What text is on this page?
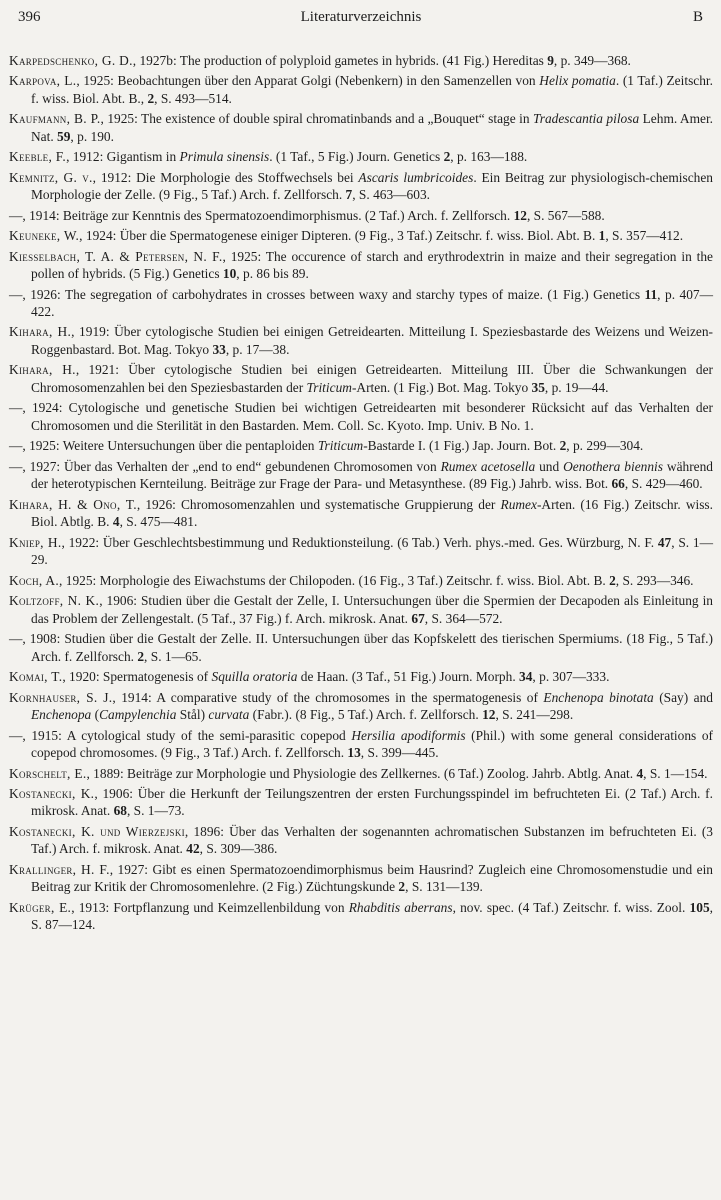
396	Literaturverzeichnis	B
Karpedschenko, G. D., 1927b: The production of polyploid gametes in hybrids. (41 Fig.) Hereditas 9, p. 349—368.
Karpova, L., 1925: Beobachtungen über den Apparat Golgi (Nebenkern) in den Samenzellen von Helix pomatia. (1 Taf.) Zeitschr. f. wiss. Biol. Abt. B., 2, S. 493—514.
Kaufmann, B. P., 1925: The existence of double spiral chromatinbands and a „Bouquet“ stage in Tradescantia pilosa Lehm. Amer. Nat. 59, p. 190.
Keeble, F., 1912: Gigantism in Primula sinensis. (1 Taf., 5 Fig.) Journ. Genetics 2, p. 163—188.
Kemnitz, G. v., 1912: Die Morphologie des Stoffwechsels bei Ascaris lumbricoides. Ein Beitrag zur physiologisch-chemischen Morphologie der Zelle. (9 Fig., 5 Taf.) Arch. f. Zellforsch. 7, S. 463—603.
—, 1914: Beiträge zur Kenntnis des Spermatozoendimorphismus. (2 Taf.) Arch. f. Zellforsch. 12, S. 567—588.
Keuneke, W., 1924: Über die Spermatogenese einiger Dipteren. (9 Fig., 3 Taf.) Zeitschr. f. wiss. Biol. Abt. B. 1, S. 357—412.
Kiesselbach, T. A. & Petersen, N. F., 1925: The occurence of starch and erythrodextrin in maize and their segregation in the pollen of hybrids. (5 Fig.) Genetics 10, p. 86 bis 89.
—, 1926: The segregation of carbohydrates in crosses between waxy and starchy types of maize. (1 Fig.) Genetics 11, p. 407—422.
Kihara, H., 1919: Über cytologische Studien bei einigen Getreidearten. Mitteilung I. Speziesbastarde des Weizens und Weizen-Roggenbastard. Bot. Mag. Tokyo 33, p. 17—38.
Kihara, H., 1921: Über cytologische Studien bei einigen Getreidearten. Mitteilung III. Über die Schwankungen der Chromosomenzahlen bei den Speziesbastarden der Triticum-Arten. (1 Fig.) Bot. Mag. Tokyo 35, p. 19—44.
—, 1924: Cytologische und genetische Studien bei wichtigen Getreidearten mit besonderer Rücksicht auf das Verhalten der Chromosomen und die Sterilität in den Bastarden. Mem. Coll. Sc. Kyoto. Imp. Univ. B No. 1.
—, 1925: Weitere Untersuchungen über die pentaploiden Triticum-Bastarde I. (1 Fig.) Jap. Journ. Bot. 2, p. 299—304.
—, 1927: Über das Verhalten der „end to end“ gebundenen Chromosomen von Rumex acetosella und Oenothera biennis während der heterotypischen Kernteilung. Beiträge zur Frage der Para- und Metasynthese. (89 Fig.) Jahrb. wiss. Bot. 66, S. 429—460.
Kihara, H. & Ono, T., 1926: Chromosomenzahlen und systematische Gruppierung der Rumex-Arten. (16 Fig.) Zeitschr. wiss. Biol. Abtlg. B. 4, S. 475—481.
Kniep, H., 1922: Über Geschlechtsbestimmung und Reduktionsteilung. (6 Tab.) Verh. phys.-med. Ges. Würzburg, N. F. 47, S. 1—29.
Koch, A., 1925: Morphologie des Eiwachstums der Chilopoden. (16 Fig., 3 Taf.) Zeitschr. f. wiss. Biol. Abt. B. 2, S. 293—346.
Koltzoff, N. K., 1906: Studien über die Gestalt der Zelle, I. Untersuchungen über die Spermien der Decapoden als Einleitung in das Problem der Zellengestalt. (5 Taf., 37 Fig.) f. Arch. mikrosk. Anat. 67, S. 364—572.
—, 1908: Studien über die Gestalt der Zelle. II. Untersuchungen über das Kopfskelett des tierischen Spermiums. (18 Fig., 5 Taf.) Arch. f. Zellforsch. 2, S. 1—65.
Komai, T., 1920: Spermatogenesis of Squilla oratoria de Haan. (3 Taf., 51 Fig.) Journ. Morph. 34, p. 307—333.
Kornhauser, S. J., 1914: A comparative study of the chromosomes in the spermatogenesis of Enchenopa binotata (Say) and Enchenopa (Campylenchia Stål) curvata (Fabr.). (8 Fig., 5 Taf.) Arch. f. Zellforsch. 12, S. 241—298.
—, 1915: A cytological study of the semi-parasitic copepod Hersilia apodiformis (Phil.) with some general considerations of copepod chromosomes. (9 Fig., 3 Taf.) Arch. f. Zellforsch. 13, S. 399—445.
Korschelt, E., 1889: Beiträge zur Morphologie und Physiologie des Zellkernes. (6 Taf.) Zoolog. Jahrb. Abtlg. Anat. 4, S. 1—154.
Kostanecki, K., 1906: Über die Herkunft der Teilungszentren der ersten Furchungsspindel im befruchteten Ei. (2 Taf.) Arch. f. mikrosk. Anat. 68, S. 1—73.
Kostanecki, K. und Wierzejski, 1896: Über das Verhalten der sogenannten achromatischen Substanzen im befruchteten Ei. (3 Taf.) Arch. f. mikrosk. Anat. 42, S. 309—386.
Krallinger, H. F., 1927: Gibt es einen Spermatozoendimorphismus beim Hausrind? Zugleich eine Chromosomenstudie und ein Beitrag zur Kritik der Chromosomenlehre. (2 Fig.) Züchtungskunde 2, S. 131—139.
Krüger, E., 1913: Fortpflanzung und Keimzellenbildung von Rhabditis aberrans, nov. spec. (4 Taf.) Zeitschr. f. wiss. Zool. 105, S. 87—124.
